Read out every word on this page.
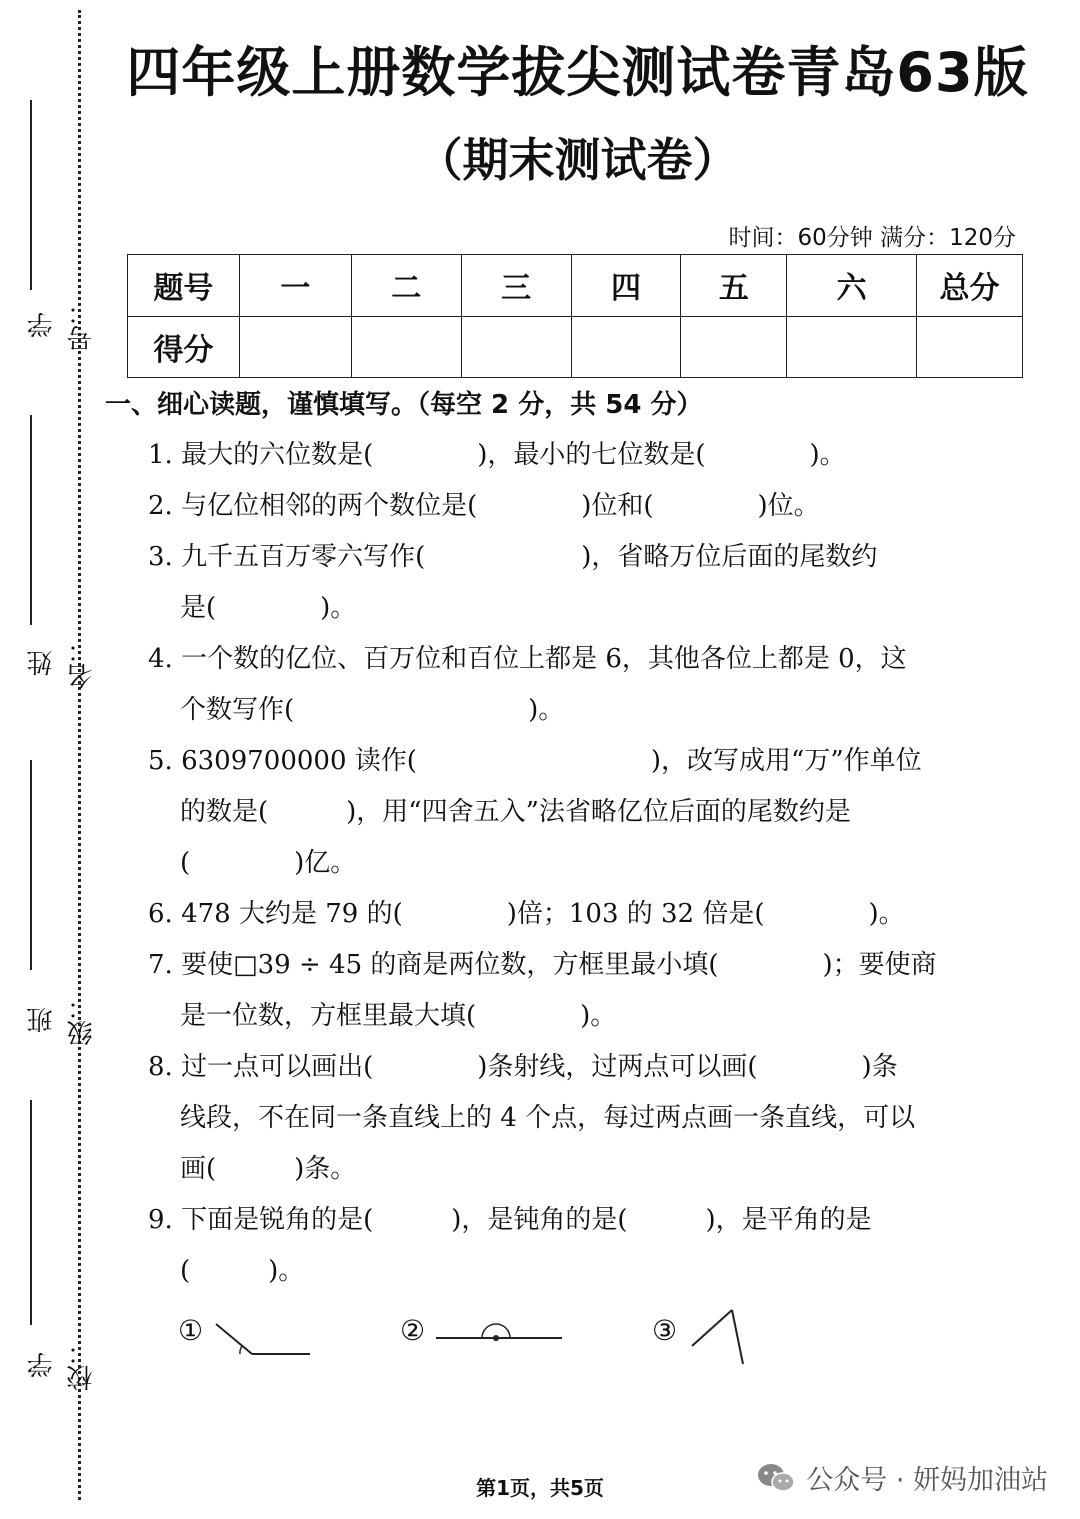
学号：
姓名：
班级：
学校：
四年级上册数学拔尖测试卷青岛63版
（期末测试卷）
时间：60分钟 满分：120分
题号	一	二	三	四	五	六	总分
得分							
一、细心读题，谨慎填写。（每空 2 分，共 54 分）
1. 最大的六位数是(　　　　)，最小的七位数是(　　　　)。
2. 与亿位相邻的两个数位是(　　　　)位和(　　　　)位。
3. 九千五百万零六写作(　　　　　　)，省略万位后面的尾数约
是(　　　　)。
4. 一个数的亿位、百万位和百位上都是 6，其他各位上都是 0，这
个数写作(　　　　　　　　　)。
5. 6309700000 读作(　　　　　　　　　)，改写成用“万”作单位
的数是(　　　)，用“四舍五入”法省略亿位后面的尾数约是
(　　　　)亿。
6. 478 大约是 79 的(　　　　)倍；103 的 32 倍是(　　　　)。
7. 要使□39 ÷ 45 的商是两位数，方框里最小填(　　　　)；要使商
是一位数，方框里最大填(　　　　)。
8. 过一点可以画出(　　　　)条射线，过两点可以画(　　　　)条
线段，不在同一条直线上的 4 个点，每过两点画一条直线，可以
画(　　　)条。
9. 下面是锐角的是(　　　)，是钝角的是(　　　)，是平角的是
(　　　)。
①	②	③
第1页，共5页	公众号 · 妍妈加油站
